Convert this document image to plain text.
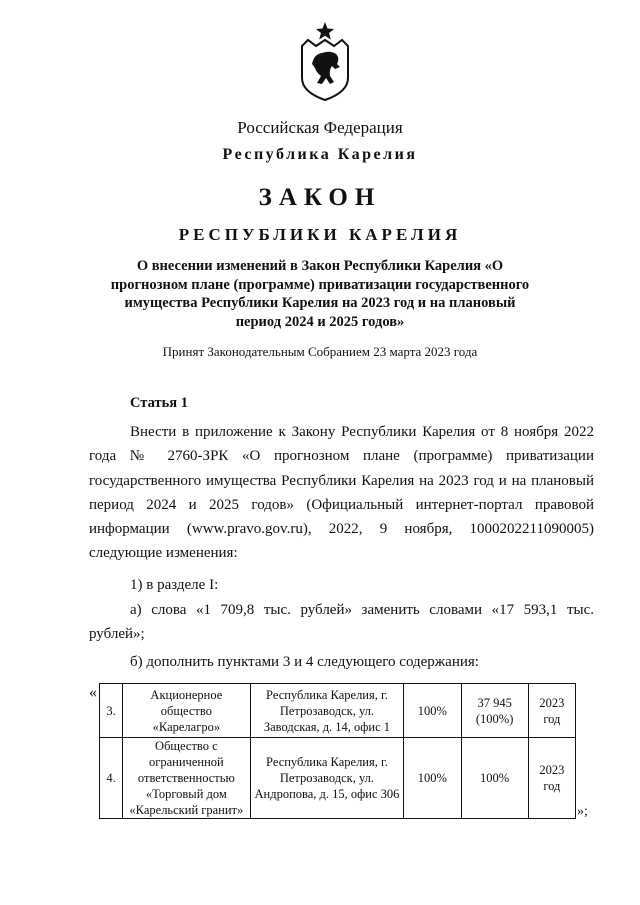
Российская Федерация
Республика Карелия
ЗАКОН
РЕСПУБЛИКИ КАРЕЛИЯ
О внесении изменений в Закон Республики Карелия «О прогнозном плане (программе) приватизации государственного имущества Республики Карелия на 2023 год и на плановый период 2024 и 2025 годов»
Принят Законодательным Собранием 23 марта 2023 года
Статья 1
Внести в приложение к Закону Республики Карелия от 8 ноября 2022 года № 2760-ЗРК «О прогнозном плане (программе) приватизации государственного имущества Республики Карелия на 2023 год и на плановый период 2024 и 2025 годов» (Официальный интернет-портал правовой информации (www.pravo.gov.ru), 2022, 9 ноября, 1000202211090005) следующие изменения:
1) в разделе I:
а) слова «1 709,8 тыс. рублей» заменить словами «17 593,1 тыс. рублей»;
б) дополнить пунктами 3 и 4 следующего содержания:
«
3.	Акционерное общество «Карелагро»	Республика Карелия, г. Петрозаводск, ул. Заводская, д. 14, офис 1	100%	37 945 (100%)	2023 год
4.	Общество с ограниченной ответственностью «Торговый дом «Карельский гранит»	Республика Карелия, г. Петрозаводск, ул. Андропова, д. 15, офис 306	100%	100%	2023 год
»;
